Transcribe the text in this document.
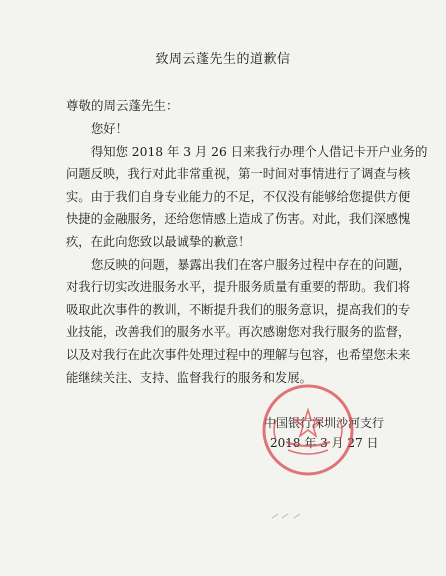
致周云蓬先生的道歉信
尊敬的周云蓬先生：
您好！
得知您 2018 年 3 月 26 日来我行办理个人借记卡开户业务的
问题反映，我行对此非常重视，第一时间对事情进行了调查与核
实。由于我们自身专业能力的不足，不仅没有能够给您提供方便
快捷的金融服务，还给您情感上造成了伤害。对此，我们深感愧
疚，在此向您致以最诚挚的歉意！
您反映的问题，暴露出我们在客户服务过程中存在的问题，
对我行切实改进服务水平，提升服务质量有重要的帮助。我们将
吸取此次事件的教训，不断提升我们的服务意识，提高我们的专
业技能，改善我们的服务水平。再次感谢您对我行服务的监督，
以及对我行在此次事件处理过程中的理解与包容，也希望您未来
能继续关注、支持、监督我行的服务和发展。
中国银行深圳沙河支行
2018 年 3 月 27 日
